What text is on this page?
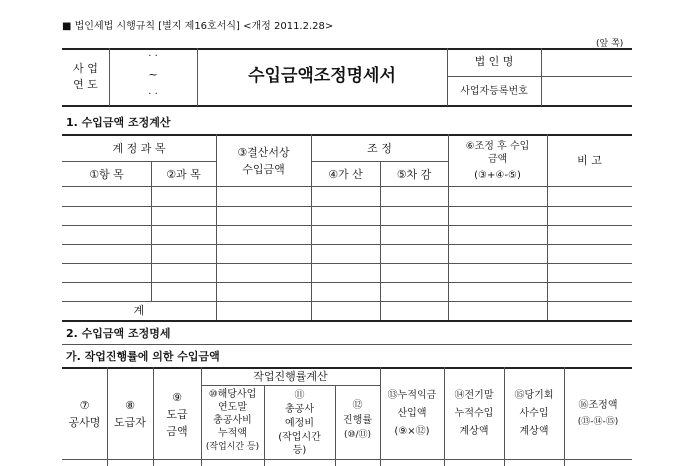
■ 법인세법 시행규칙 [별지 제16호서식] <개정 2011.2.28>
(앞 쪽)
사 업
연 도
· ·
~
· ·
수입금액조정명세서
법 인 명
사업자등록번호
1. 수입금액 조정계산
계 정 과 목
①항 목	②과 목
③결산서상
수입금액
조 정
④가 산	⑤차 감
⑥조정 후 수입
금액
(③+④-⑤)
비 고
계
2. 수입금액 조정명세
가. 작업진행률에 의한 수입금액
작업진행률계산
⑦
공사명
⑧
도급자
⑨
도급
금액
⑩해당사업
연도말
총공사비
누적액
(작업시간 등)
⑪
총공사
예정비
(작업시간
등)
⑫
진행률
(⑩/⑪)
⑬누적익금
산입액
(⑨×⑫)
⑭전기말
누적수입
계상액
⑮당기회
사수입
계상액
⑯조정액
(⑬-⑭-⑮)
